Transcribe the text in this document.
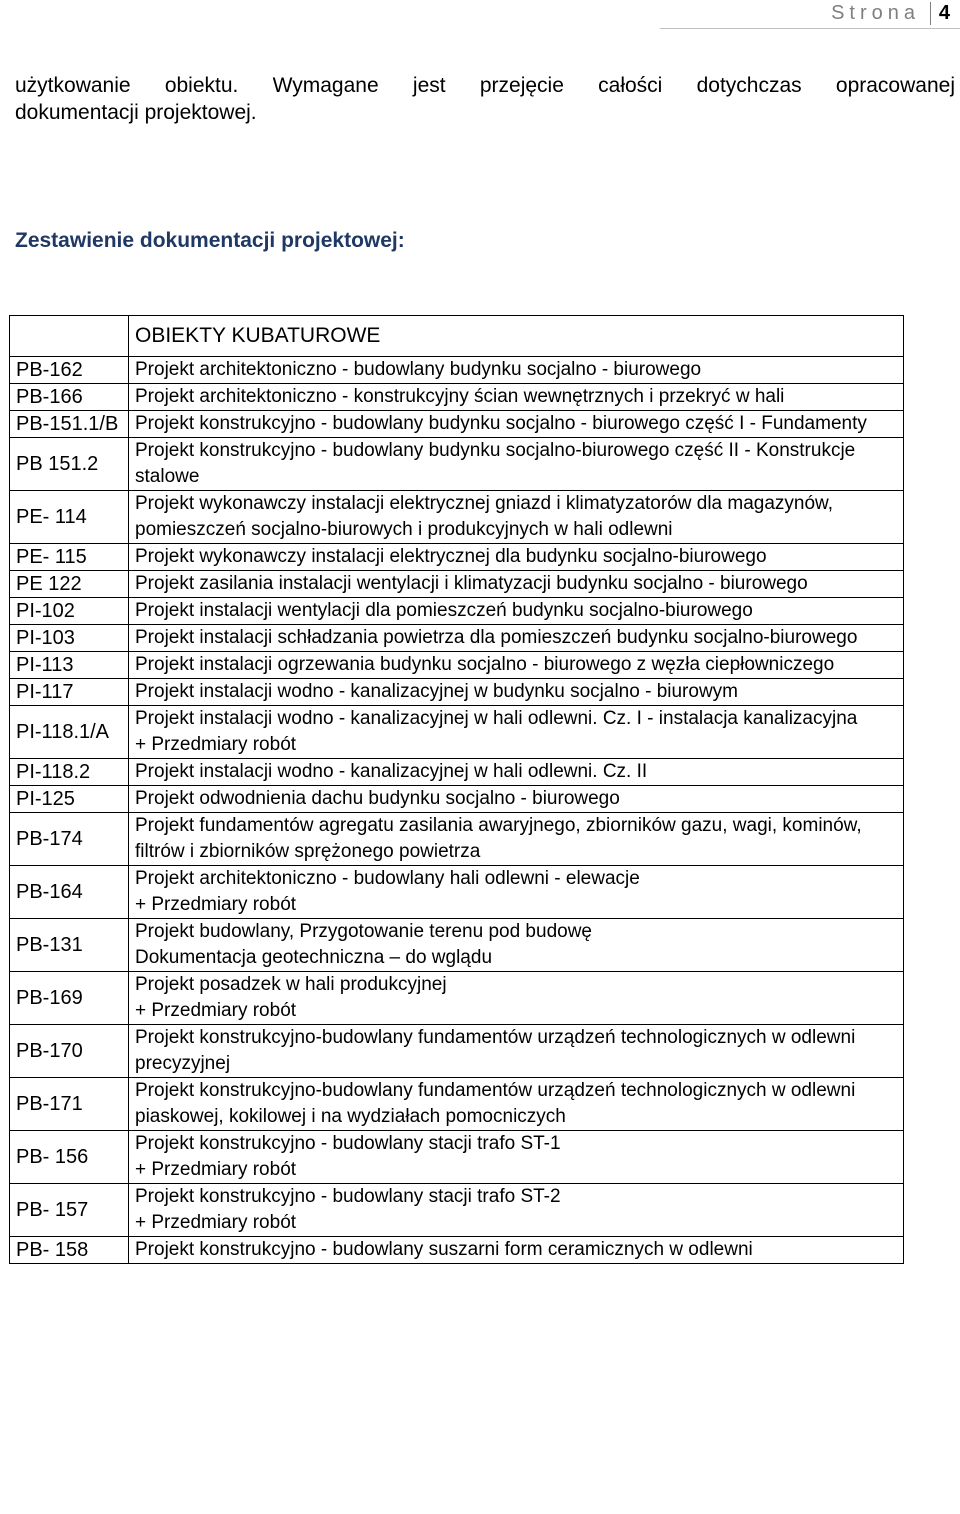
Strona 4
użytkowanie obiektu. Wymagane jest przejęcie całości dotychczas opracowanej
dokumentacji projektowej.
Zestawienie dokumentacji projektowej:
	OBIEKTY KUBATUROWE
PB-162	Projekt architektoniczno - budowlany budynku socjalno - biurowego
PB-166	Projekt architektoniczno - konstrukcyjny ścian wewnętrznych i przekryć w hali
PB-151.1/B	Projekt konstrukcyjno - budowlany budynku socjalno - biurowego część I - Fundamenty
PB 151.2	Projekt konstrukcyjno - budowlany budynku socjalno-biurowego część II - Konstrukcje stalowe
PE- 114	Projekt wykonawczy instalacji elektrycznej gniazd i klimatyzatorów dla magazynów, pomieszczeń socjalno-biurowych i produkcyjnych w hali odlewni
PE- 115	Projekt wykonawczy instalacji elektrycznej dla budynku socjalno-biurowego
PE 122	Projekt zasilania instalacji wentylacji i klimatyzacji budynku socjalno - biurowego
PI-102	Projekt instalacji wentylacji dla pomieszczeń budynku socjalno-biurowego
PI-103	Projekt instalacji schładzania powietrza dla pomieszczeń budynku socjalno-biurowego
PI-113	Projekt instalacji ogrzewania budynku socjalno - biurowego z węzła ciepłowniczego
PI-117	Projekt instalacji wodno - kanalizacyjnej w budynku socjalno - biurowym
PI-118.1/A	Projekt instalacji wodno - kanalizacyjnej w hali odlewni. Cz. I - instalacja kanalizacyjna
+ Przedmiary robót

PI-118.2	Projekt instalacji wodno - kanalizacyjnej w hali odlewni. Cz. II
PI-125	Projekt odwodnienia dachu budynku socjalno - biurowego
PB-174	Projekt fundamentów agregatu zasilania awaryjnego, zbiorników gazu, wagi, kominów, filtrów i zbiorników sprężonego powietrza
PB-164	Projekt architektoniczno - budowlany hali odlewni - elewacje
+ Przedmiary robót

PB-131	Projekt budowlany, Przygotowanie terenu pod budowę
Dokumentacja geotechniczna – do wglądu

PB-169	Projekt posadzek w hali produkcyjnej
+ Przedmiary robót

PB-170	Projekt konstrukcyjno-budowlany fundamentów urządzeń technologicznych w odlewni precyzyjnej
PB-171	Projekt konstrukcyjno-budowlany fundamentów urządzeń technologicznych w odlewni piaskowej, kokilowej i na wydziałach pomocniczych
PB- 156	Projekt konstrukcyjno - budowlany stacji trafo ST-1
+ Przedmiary robót

PB- 157	Projekt konstrukcyjno - budowlany stacji trafo ST-2
+ Przedmiary robót

PB- 158	Projekt konstrukcyjno - budowlany suszarni form ceramicznych w odlewni
